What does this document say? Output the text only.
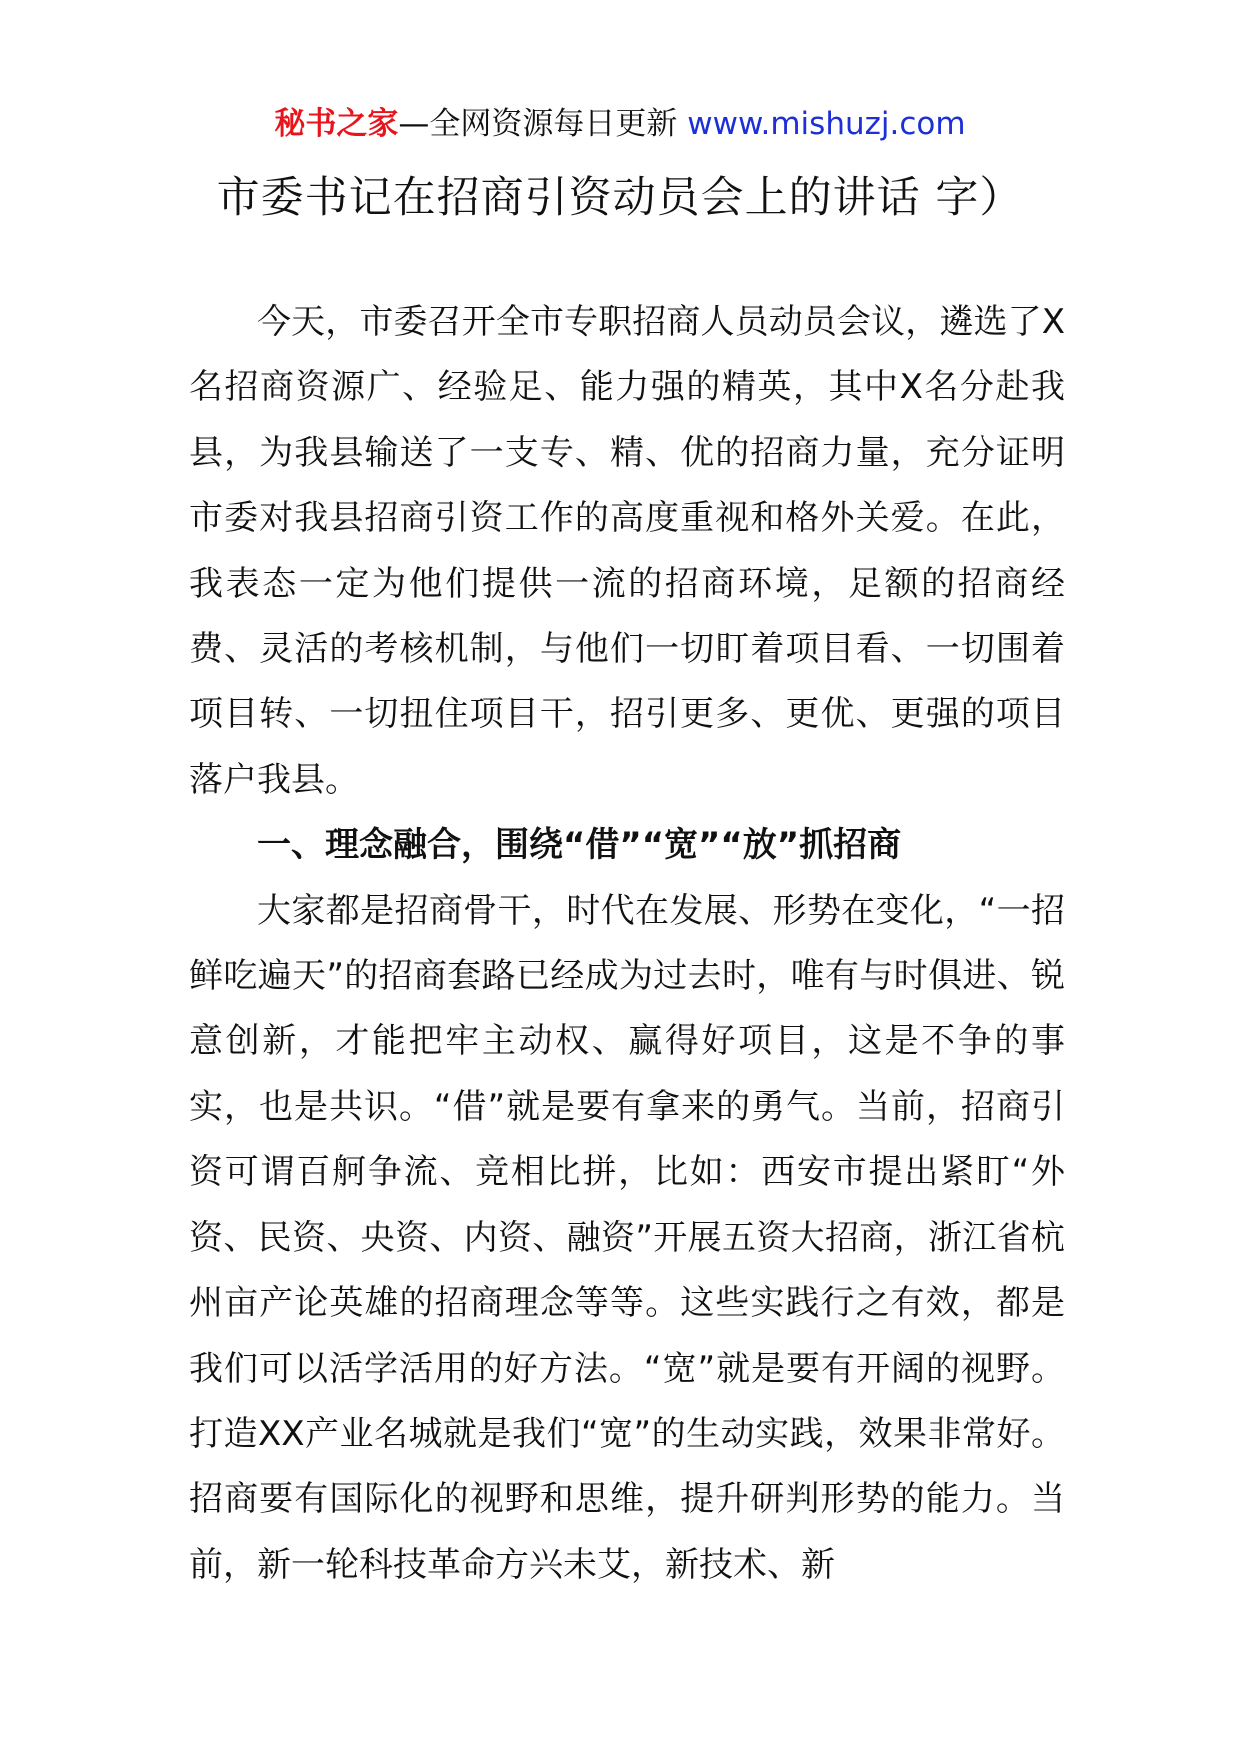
秘书之家—全网资源每日更新 www.mishuzj.com
市委书记在招商引资动员会上的讲话 字）

今天，市委召开全市专职招商人员动员会议，遴选了X名招商资源广、经验足、能力强的精英，其中X名分赴我县，为我县输送了一支专、精、优的招商力量，充分证明市委对我县招商引资工作的高度重视和格外关爱。在此，我表态一定为他们提供一流的招商环境，足额的招商经费、灵活的考核机制，与他们一切盯着项目看、一切围着项目转、一切扭住项目干，招引更多、更优、更强的项目落户我县。

一、理念融合，围绕“借”“宽”“放”抓招商

大家都是招商骨干，时代在发展、形势在变化，“一招鲜吃遍天”的招商套路已经成为过去时，唯有与时俱进、锐意创新，才能把牢主动权、赢得好项目，这是不争的事实，也是共识。“借”就是要有拿来的勇气。当前，招商引资可谓百舸争流、竞相比拼，比如：西安市提出紧盯“外资、民资、央资、内资、融资”开展五资大招商，浙江省杭州亩产论英雄的招商理念等等。这些实践行之有效，都是我们可以活学活用的好方法。“宽”就是要有开阔的视野。打造XX产业名城就是我们“宽”的生动实践，效果非常好。招商要有国际化的视野和思维，提升研判形势的能力。当前，新一轮科技革命方兴未艾，新技术、新
